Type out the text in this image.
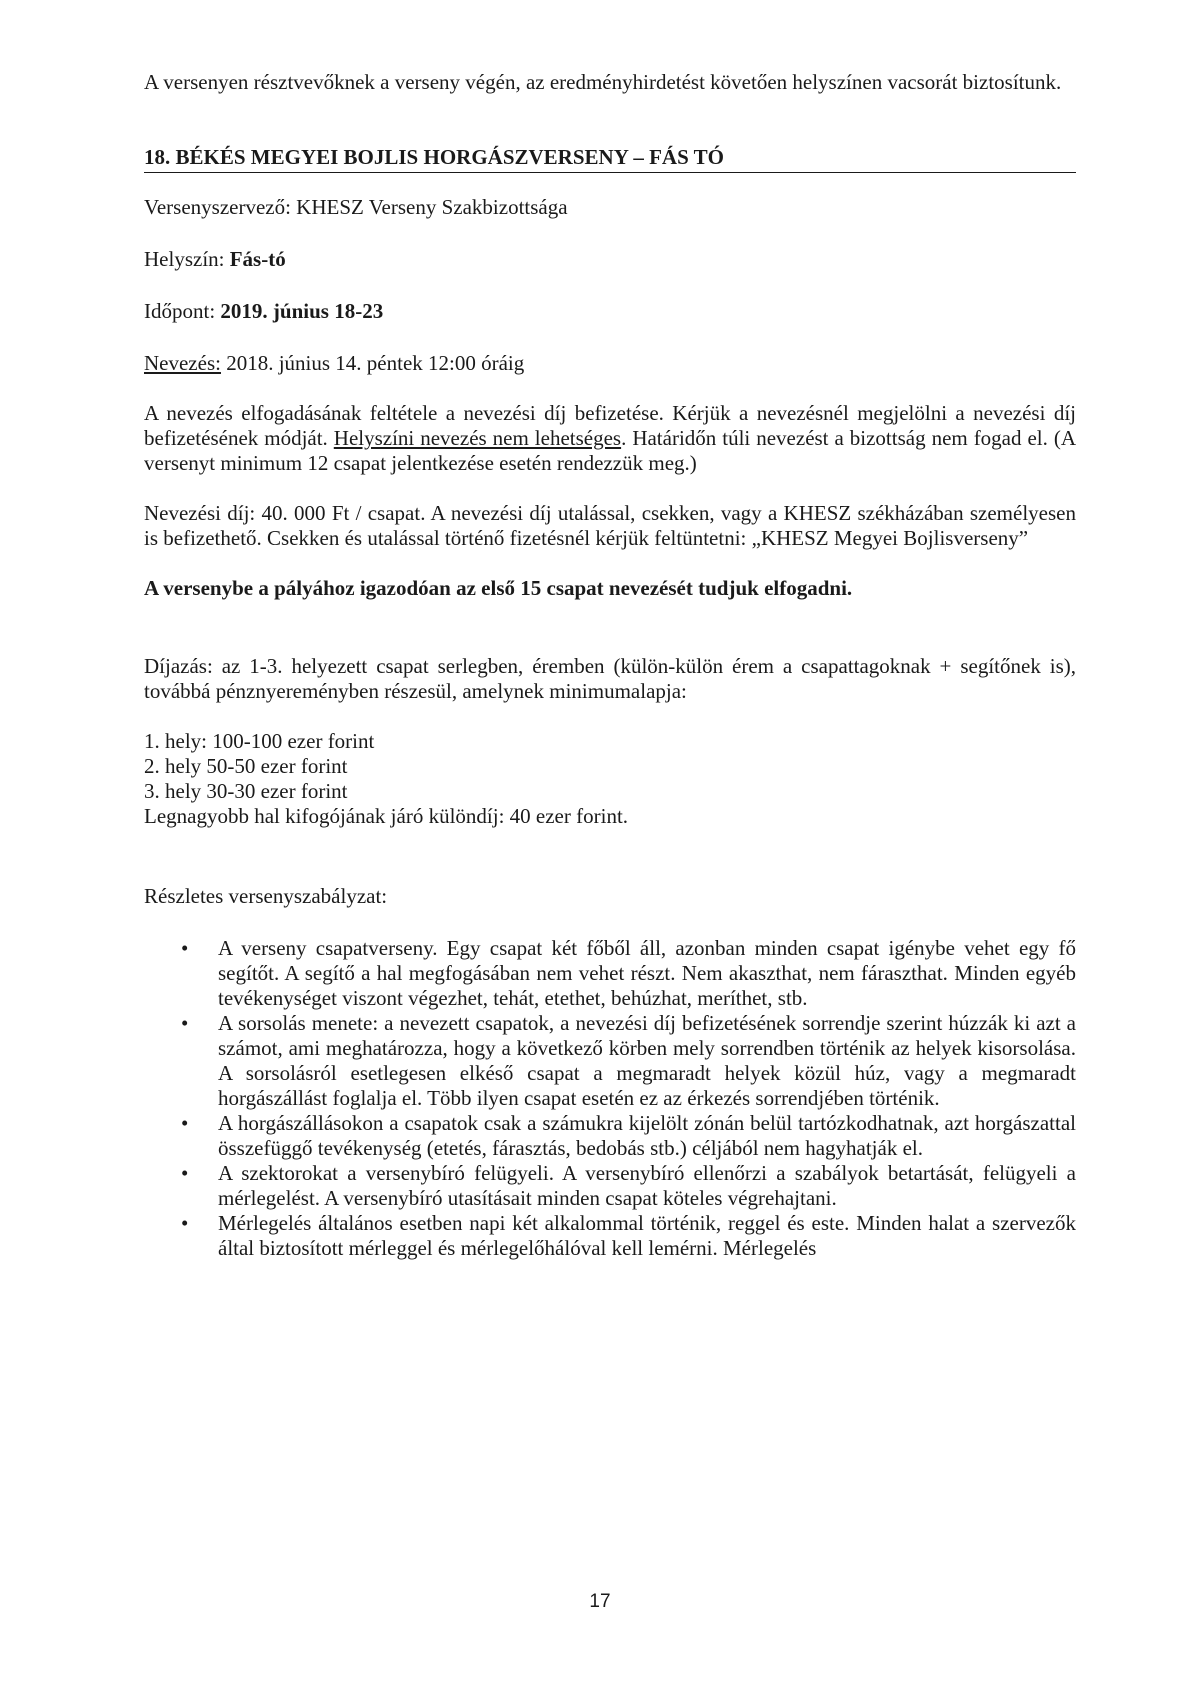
A versenyen résztvevőknek a verseny végén, az eredményhirdetést követően helyszínen vacsorát biztosítunk.

18. BÉKÉS MEGYEI BOJLIS HORGÁSZVERSENY – FÁS TÓ

Versenyszervező: KHESZ Verseny Szakbizottsága

Helyszín: Fás-tó

Időpont: 2019. június 18-23

Nevezés: 2018. június 14. péntek 12:00 óráig

A nevezés elfogadásának feltétele a nevezési díj befizetése. Kérjük a nevezésnél megjelölni a nevezési díj befizetésének módját. Helyszíni nevezés nem lehetséges. Határidőn túli nevezést a bizottság nem fogad el. (A versenyt minimum 12 csapat jelentkezése esetén rendezzük meg.)

Nevezési díj: 40. 000 Ft / csapat. A nevezési díj utalással, csekken, vagy a KHESZ székházában személyesen is befizethető. Csekken és utalással történő fizetésnél kérjük feltüntetni: „KHESZ Megyei Bojlisverseny”

A versenybe a pályához igazodóan az első 15 csapat nevezését tudjuk elfogadni.

Díjazás: az 1-3. helyezett csapat serlegben, éremben (külön-külön érem a csapattagoknak + segítőnek is), továbbá pénznyereményben részesül, amelynek minimumalapja:

1. hely: 100-100 ezer forint

2. hely 50-50 ezer forint

3. hely 30-30 ezer forint

Legnagyobb hal kifogójának járó különdíj: 40 ezer forint.

Részletes versenyszabályzat:

• A verseny csapatverseny. Egy csapat két főből áll, azonban minden csapat igénybe vehet egy fő segítőt. A segítő a hal megfogásában nem vehet részt. Nem akaszthat, nem fáraszthat. Minden egyéb tevékenységet viszont végezhet, tehát, etethet, behúzhat, meríthet, stb.
• A sorsolás menete: a nevezett csapatok, a nevezési díj befizetésének sorrendje szerint húzzák ki azt a számot, ami meghatározza, hogy a következő körben mely sorrendben történik az helyek kisorsolása. A sorsolásról esetlegesen elkéső csapat a megmaradt helyek közül húz, vagy a megmaradt horgászállást foglalja el. Több ilyen csapat esetén ez az érkezés sorrendjében történik.
• A horgászállásokon a csapatok csak a számukra kijelölt zónán belül tartózkodhatnak, azt horgászattal összefüggő tevékenység (etetés, fárasztás, bedobás stb.) céljából nem hagyhatják el.
• A szektorokat a versenybíró felügyeli. A versenybíró ellenőrzi a szabályok betartását, felügyeli a mérlegelést. A versenybíró utasításait minden csapat köteles végrehajtani.
• Mérlegelés általános esetben napi két alkalommal történik, reggel és este. Minden halat a szervezők által biztosított mérleggel és mérlegelőhálóval kell lemérni. Mérlegelés
17
